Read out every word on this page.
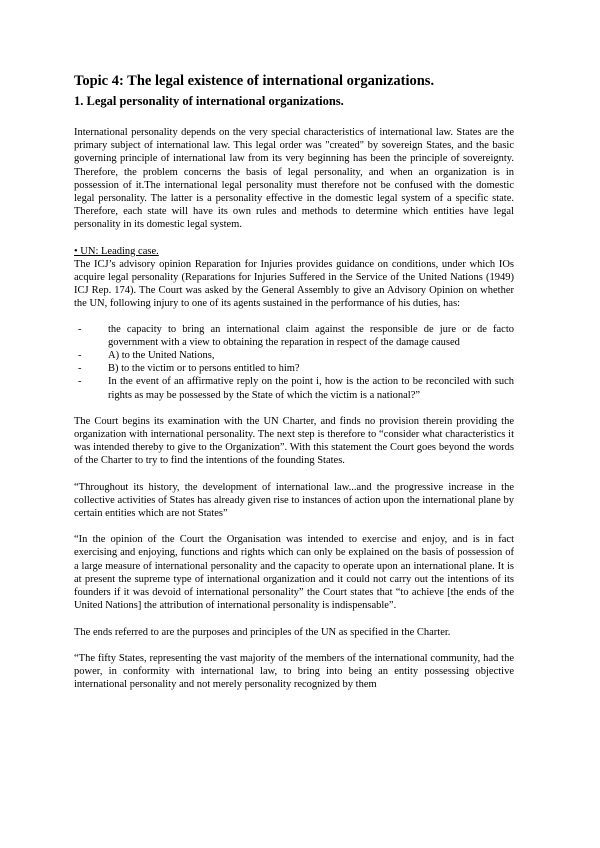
Topic 4: The legal existence of international organizations.
1. Legal personality of international organizations.

International personality depends on the very special characteristics of international law. States are the primary subject of international law. This legal order was "created" by sovereign States, and the basic governing principle of international law from its very beginning has been the principle of sovereignty. Therefore, the problem concerns the basis of legal personality, and when an organization is in possession of it.The international legal personality must therefore not be confused with the domestic legal personality. The latter is a personality effective in the domestic legal system of a specific state. Therefore, each state will have its own rules and methods to determine which entities have legal personality in its domestic legal system.

• UN: Leading case.

The ICJ’s advisory opinion Reparation for Injuries provides guidance on conditions, under which IOs acquire legal personality (Reparations for Injuries Suffered in the Service of the United Nations (1949) ICJ Rep. 174). The Court was asked by the General Assembly to give an Advisory Opinion on whether the UN, following injury to one of its agents sustained in the performance of his duties, has:

- the capacity to bring an international claim against the responsible de jure or de facto government with a view to obtaining the reparation in respect of the damage caused
- A) to the United Nations,
- B) to the victim or to persons entitled to him?
- In the event of an affirmative reply on the point i, how is the action to be reconciled with such rights as may be possessed by the State of which the victim is a national?”

The Court begins its examination with the UN Charter, and finds no provision therein providing the organization with international personality. The next step is therefore to “consider what characteristics it was intended thereby to give to the Organization”. With this statement the Court goes beyond the words of the Charter to try to find the intentions of the founding States.

“Throughout its history, the development of international law...and the progressive increase in the collective activities of States has already given rise to instances of action upon the international plane by certain entities which are not States”

“In the opinion of the Court the Organisation was intended to exercise and enjoy, and is in fact exercising and enjoying, functions and rights which can only be explained on the basis of possession of a large measure of international personality and the capacity to operate upon an international plane. It is at present the supreme type of international organization and it could not carry out the intentions of its founders if it was devoid of international personality” the Court states that “to achieve [the ends of the United Nations] the attribution of international personality is indispensable”.

The ends referred to are the purposes and principles of the UN as specified in the Charter.

“The fifty States, representing the vast majority of the members of the international community, had the power, in conformity with international law, to bring into being an entity possessing objective international personality and not merely personality recognized by them
